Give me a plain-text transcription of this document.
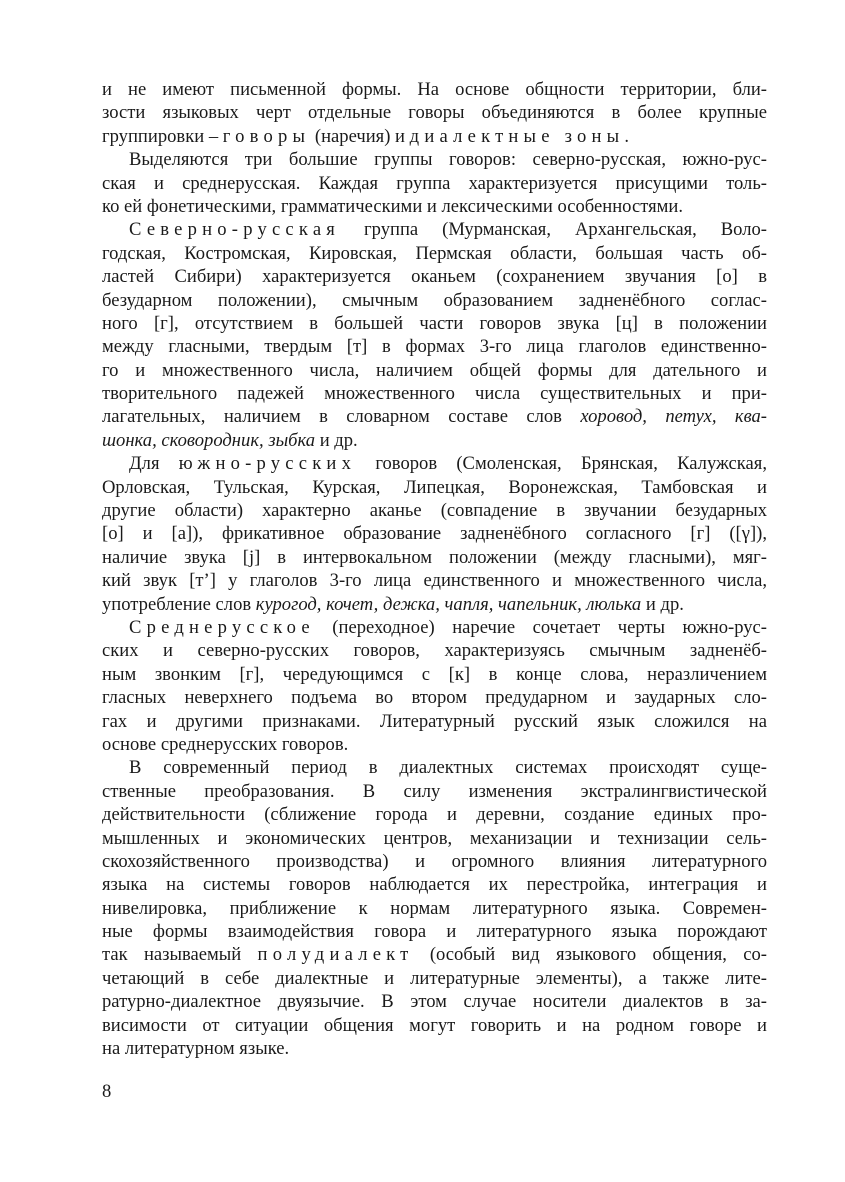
и не имеют письменной формы. На основе общности территории, бли-
зости языковых черт отдельные говоры объединяются в более крупные
группировки – говоры (наречия) и диалектные зоны.
Выделяются три большие группы говоров: северно-русская, южно-рус-
ская и среднерусская. Каждая группа характеризуется присущими толь-
ко ей фонетическими, грамматическими и лексическими особенностями.
Северно-русская группа (Мурманская, Архангельская, Воло-
годская, Костромская, Кировская, Пермская области, большая часть об-
ластей Сибири) характеризуется оканьем (сохранением звучания [о] в
безударном положении), смычным образованием задненёбного соглас-
ного [г], отсутствием в большей части говоров звука [ц] в положении
между гласными, твердым [т] в формах 3-го лица глаголов единственно-
го и множественного числа, наличием общей формы для дательного и
творительного падежей множественного числа существительных и при-
лагательных, наличием в словарном составе слов хоровод, петух, ква-
шонка, сковородник, зыбка и др.
Для южно-русских говоров (Смоленская, Брянская, Калужская,
Орловская, Тульская, Курская, Липецкая, Воронежская, Тамбовская и
другие области) характерно аканье (совпадение в звучании безударных
[о] и [а]), фрикативное образование задненёбного согласного [г] ([γ]),
наличие звука [j] в интервокальном положении (между гласными), мяг-
кий звук [т’] у глаголов 3-го лица единственного и множественного числа,
употребление слов курогод, кочет, дежка, чапля, чапельник, люлька и др.
Среднерусское (переходное) наречие сочетает черты южно-рус-
ских и северно-русских говоров, характеризуясь смычным задненёб-
ным звонким [г], чередующимся с [к] в конце слова, неразличением
гласных неверхнего подъема во втором предударном и заударных сло-
гах и другими признаками. Литературный русский язык сложился на
основе среднерусских говоров.
В современный период в диалектных системах происходят суще-
ственные преобразования. В силу изменения экстралингвистической
действительности (сближение города и деревни, создание единых про-
мышленных и экономических центров, механизации и технизации сель-
скохозяйственного производства) и огромного влияния литературного
языка на системы говоров наблюдается их перестройка, интеграция и
нивелировка, приближение к нормам литературного языка. Современ-
ные формы взаимодействия говора и литературного языка порождают
так называемый полудиалект (особый вид языкового общения, со-
четающий в себе диалектные и литературные элементы), а также лите-
ратурно-диалектное двуязычие. В этом случае носители диалектов в за-
висимости от ситуации общения могут говорить и на родном говоре и
на литературном языке.
8
